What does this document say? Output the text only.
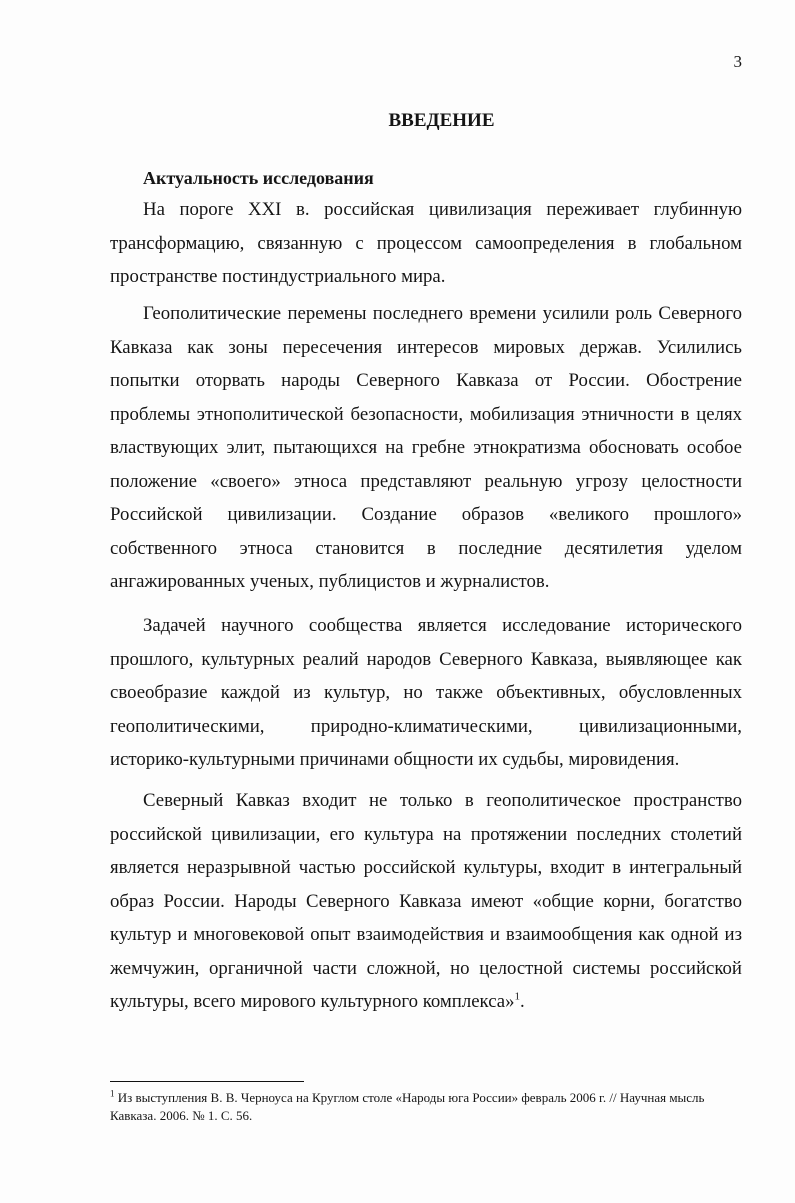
3
ВВЕДЕНИЕ
Актуальность исследования

На пороге XXI в. российская цивилизация переживает глубинную трансформацию, связанную с процессом самоопределения в глобальном пространстве постиндустриального мира.

Геополитические перемены последнего времени усилили роль Северного Кавказа как зоны пересечения интересов мировых держав. Усилились попытки оторвать народы Северного Кавказа от России. Обострение проблемы этнополитической безопасности, мобилизация этничности в целях властвующих элит, пытающихся на гребне этнократизма обосновать особое положение «своего» этноса представляют реальную угрозу целостности Российской цивилизации. Создание образов «великого прошлого» собственного этноса становится в последние десятилетия уделом ангажированных ученых, публицистов и журналистов.

Задачей научного сообщества является исследование исторического прошлого, культурных реалий народов Северного Кавказа, выявляющее как своеобразие каждой из культур, но также объективных, обусловленных геополитическими, природно-климатическими, цивилизационными, историко-культурными причинами общности их судьбы, мировидения.

Северный Кавказ входит не только в геополитическое пространство российской цивилизации, его культура на протяжении последних столетий является неразрывной частью российской культуры, входит в интегральный образ России. Народы Северного Кавказа имеют «общие корни, богатство культур и многовековой опыт взаимодействия и взаимообщения как одной из жемчужин, органичной части сложной, но целостной системы российской культуры, всего мирового культурного комплекса»$^1$.

$^1$ Из выступления В. В. Черноуса на Круглом столе «Народы юга России» февраль 2006 г. // Научная мысль Кавказа. 2006. № 1. С. 56.
